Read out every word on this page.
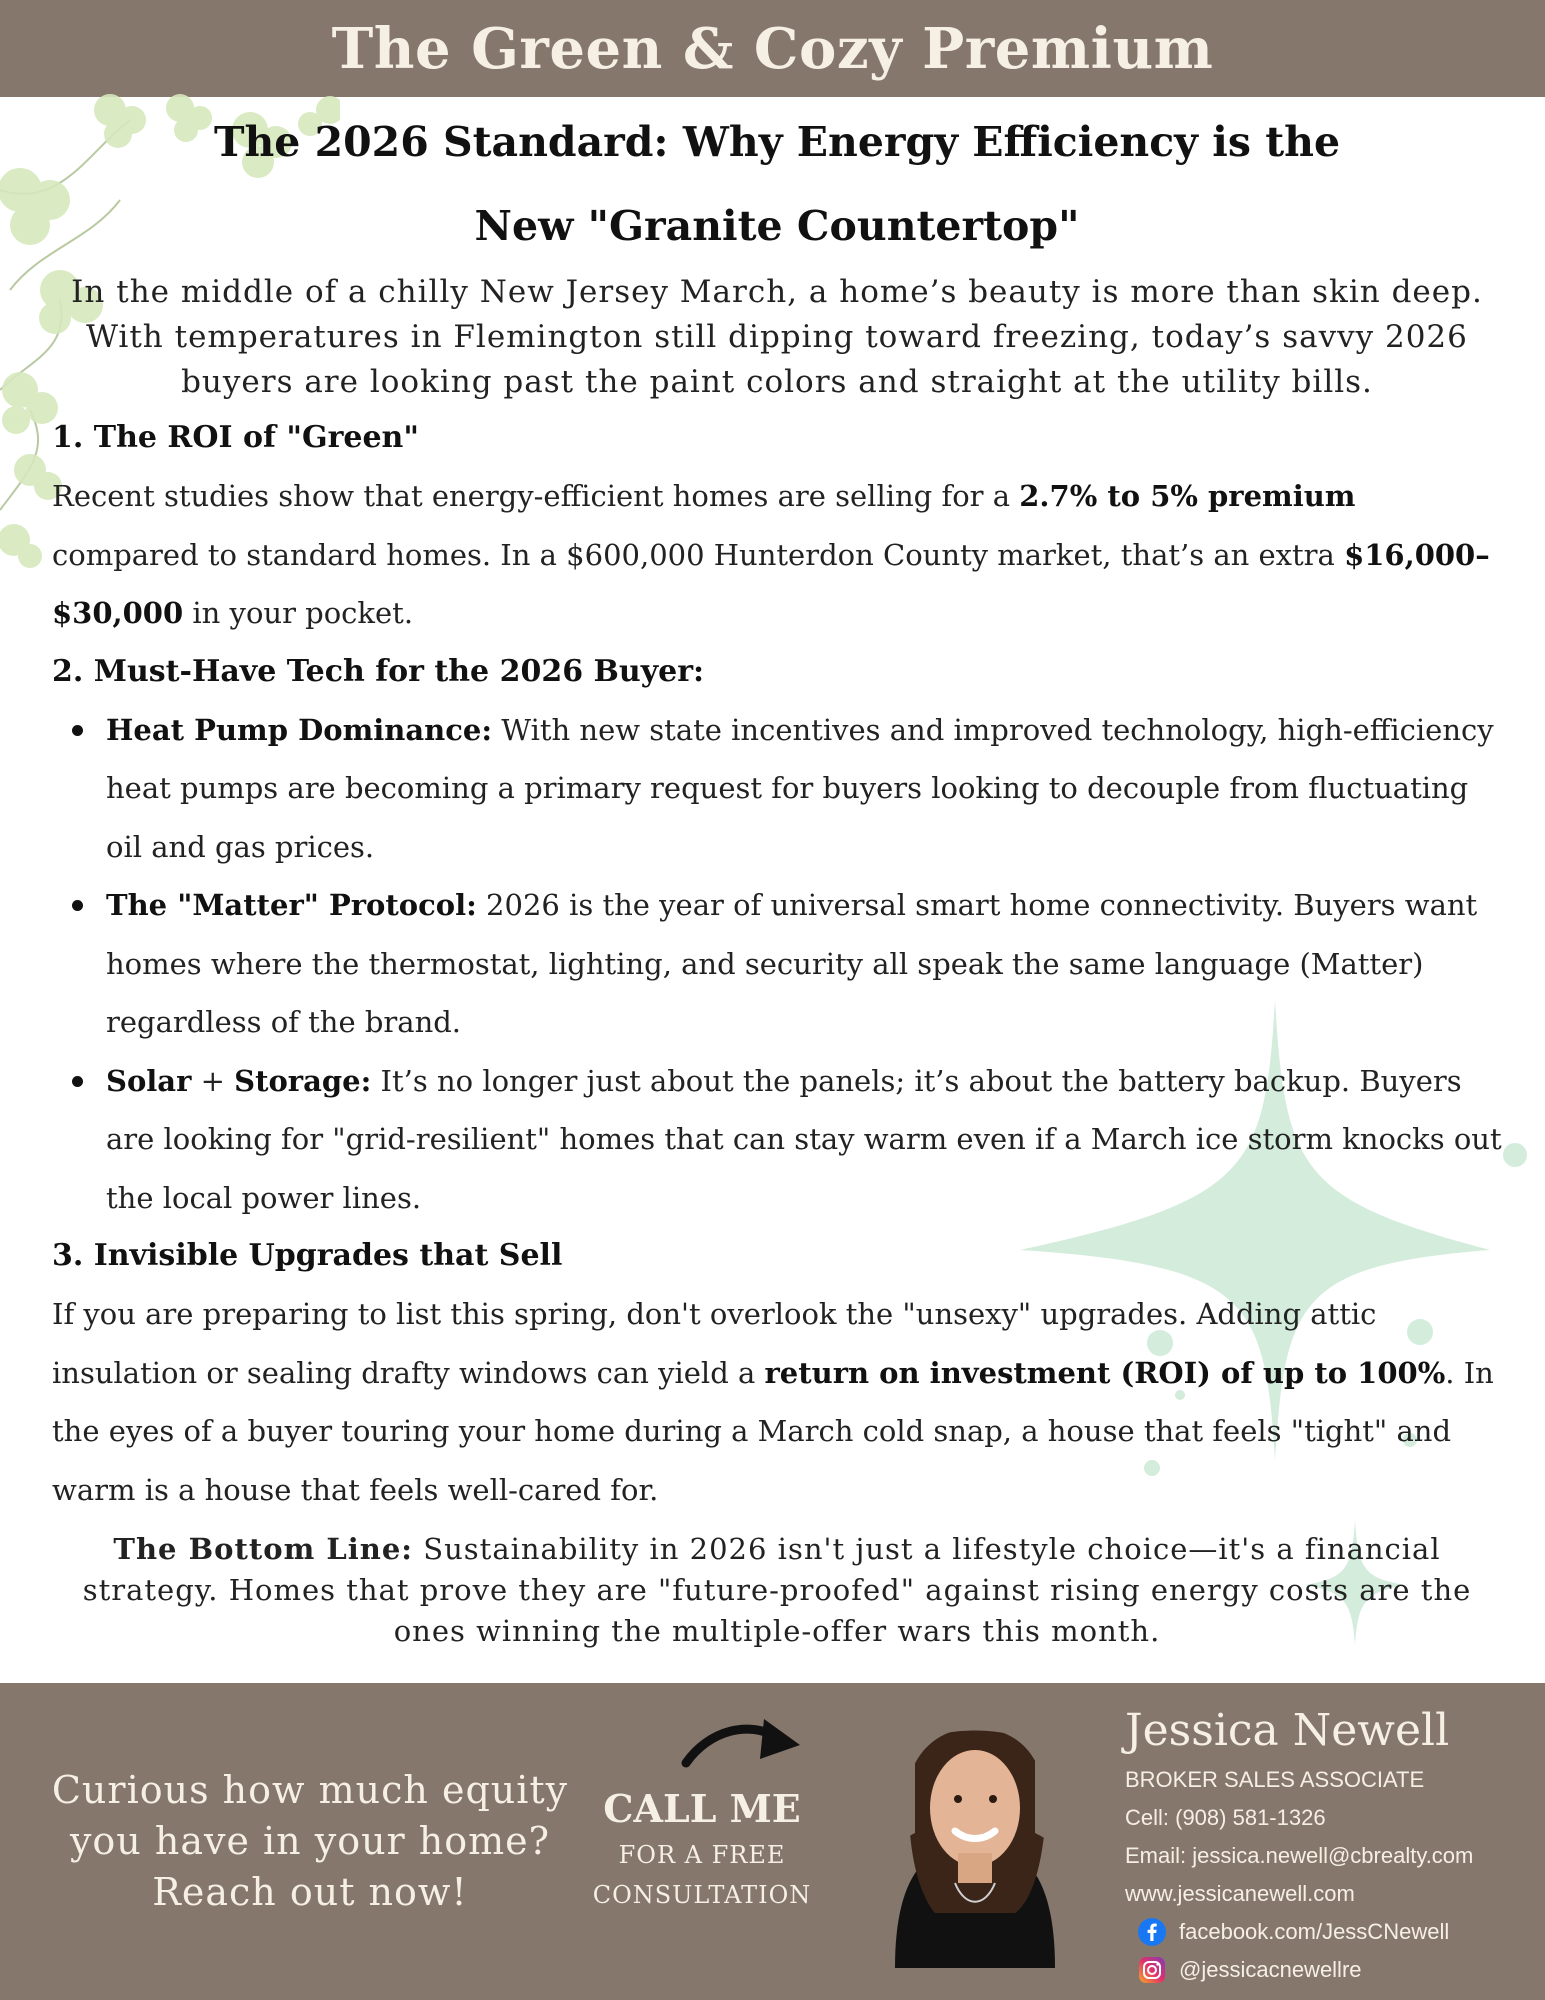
The Green & Cozy Premium
The 2026 Standard: Why Energy Efficiency is the
New "Granite Countertop"

In the middle of a chilly New Jersey March, a home’s beauty is more than skin deep. With temperatures in Flemington still dipping toward freezing, today’s savvy 2026 buyers are looking past the paint colors and straight at the utility bills.

1. The ROI of "Green"

Recent studies show that energy-efficient homes are selling for a 2.7% to 5% premium compared to standard homes. In a $600,000 Hunterdon County market, that’s an extra $16,000–$30,000 in your pocket.

2. Must-Have Tech for the 2026 Buyer:
Heat Pump Dominance: With new state incentives and improved technology, high-efficiency heat pumps are becoming a primary request for buyers looking to decouple from fluctuating oil and gas prices.
The "Matter" Protocol: 2026 is the year of universal smart home connectivity. Buyers want homes where the thermostat, lighting, and security all speak the same language (Matter) regardless of the brand.
Solar + Storage: It’s no longer just about the panels; it’s about the battery backup. Buyers are looking for "grid-resilient" homes that can stay warm even if a March ice storm knocks out the local power lines.
3. Invisible Upgrades that Sell

If you are preparing to list this spring, don't overlook the "unsexy" upgrades. Adding attic insulation or sealing drafty windows can yield a return on investment (ROI) of up to 100%. In the eyes of a buyer touring your home during a March cold snap, a house that feels "tight" and warm is a house that feels well-cared for.

The Bottom Line: Sustainability in 2026 isn't just a lifestyle choice—it's a financial strategy. Homes that prove they are "future-proofed" against rising energy costs are the ones winning the multiple-offer wars this month.

Curious how much equity you have in your home? Reach out now!
CALL ME
FOR A FREE
CONSULTATION
Jessica Newell
BROKER SALES ASSOCIATE
Cell: (908) 581-1326
Email: jessica.newell@cbrealty.com
www.jessicanewell.com
facebook.com/JessCNewell
@jessicacnewellre
